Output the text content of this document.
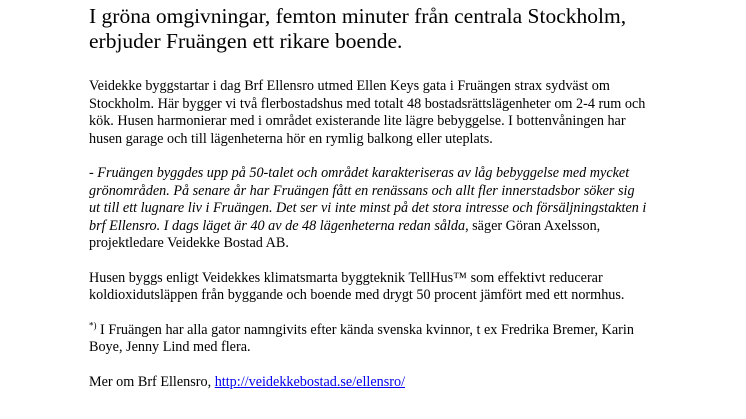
I gröna omgivningar, femton minuter från centrala Stockholm,
erbjuder Fruängen ett rikare boende.

Veidekke byggstartar i dag Brf Ellensro utmed Ellen Keys gata i Fruängen strax sydväst om Stockholm. Här bygger vi två flerbostadshus med totalt 48 bostadsrättslägenheter om 2-4 rum och kök. Husen harmonierar med i området existerande lite lägre bebyggelse. I bottenvåningen har husen garage och till lägenheterna hör en rymlig balkong eller uteplats.

- Fruängen byggdes upp på 50-talet och området karakteriseras av låg bebyggelse med mycket grönområden. På senare år har Fruängen fått en renässans och allt fler innerstadsbor söker sig ut till ett lugnare liv i Fruängen. Det ser vi inte minst på det stora intresse och försäljningstakten i brf Ellensro. I dags läget är 40 av de 48 lägenheterna redan sålda, säger Göran Axelsson, projektledare Veidekke Bostad AB.

Husen byggs enligt Veidekkes klimatsmarta byggteknik TellHus™ som effektivt reducerar koldioxidutsläppen från byggande och boende med drygt 50 procent jämfört med ett normhus.

*) I Fruängen har alla gator namngivits efter kända svenska kvinnor, t ex Fredrika Bremer, Karin Boye, Jenny Lind med flera.

Mer om Brf Ellensro, http://veidekkebostad.se/ellensro/
